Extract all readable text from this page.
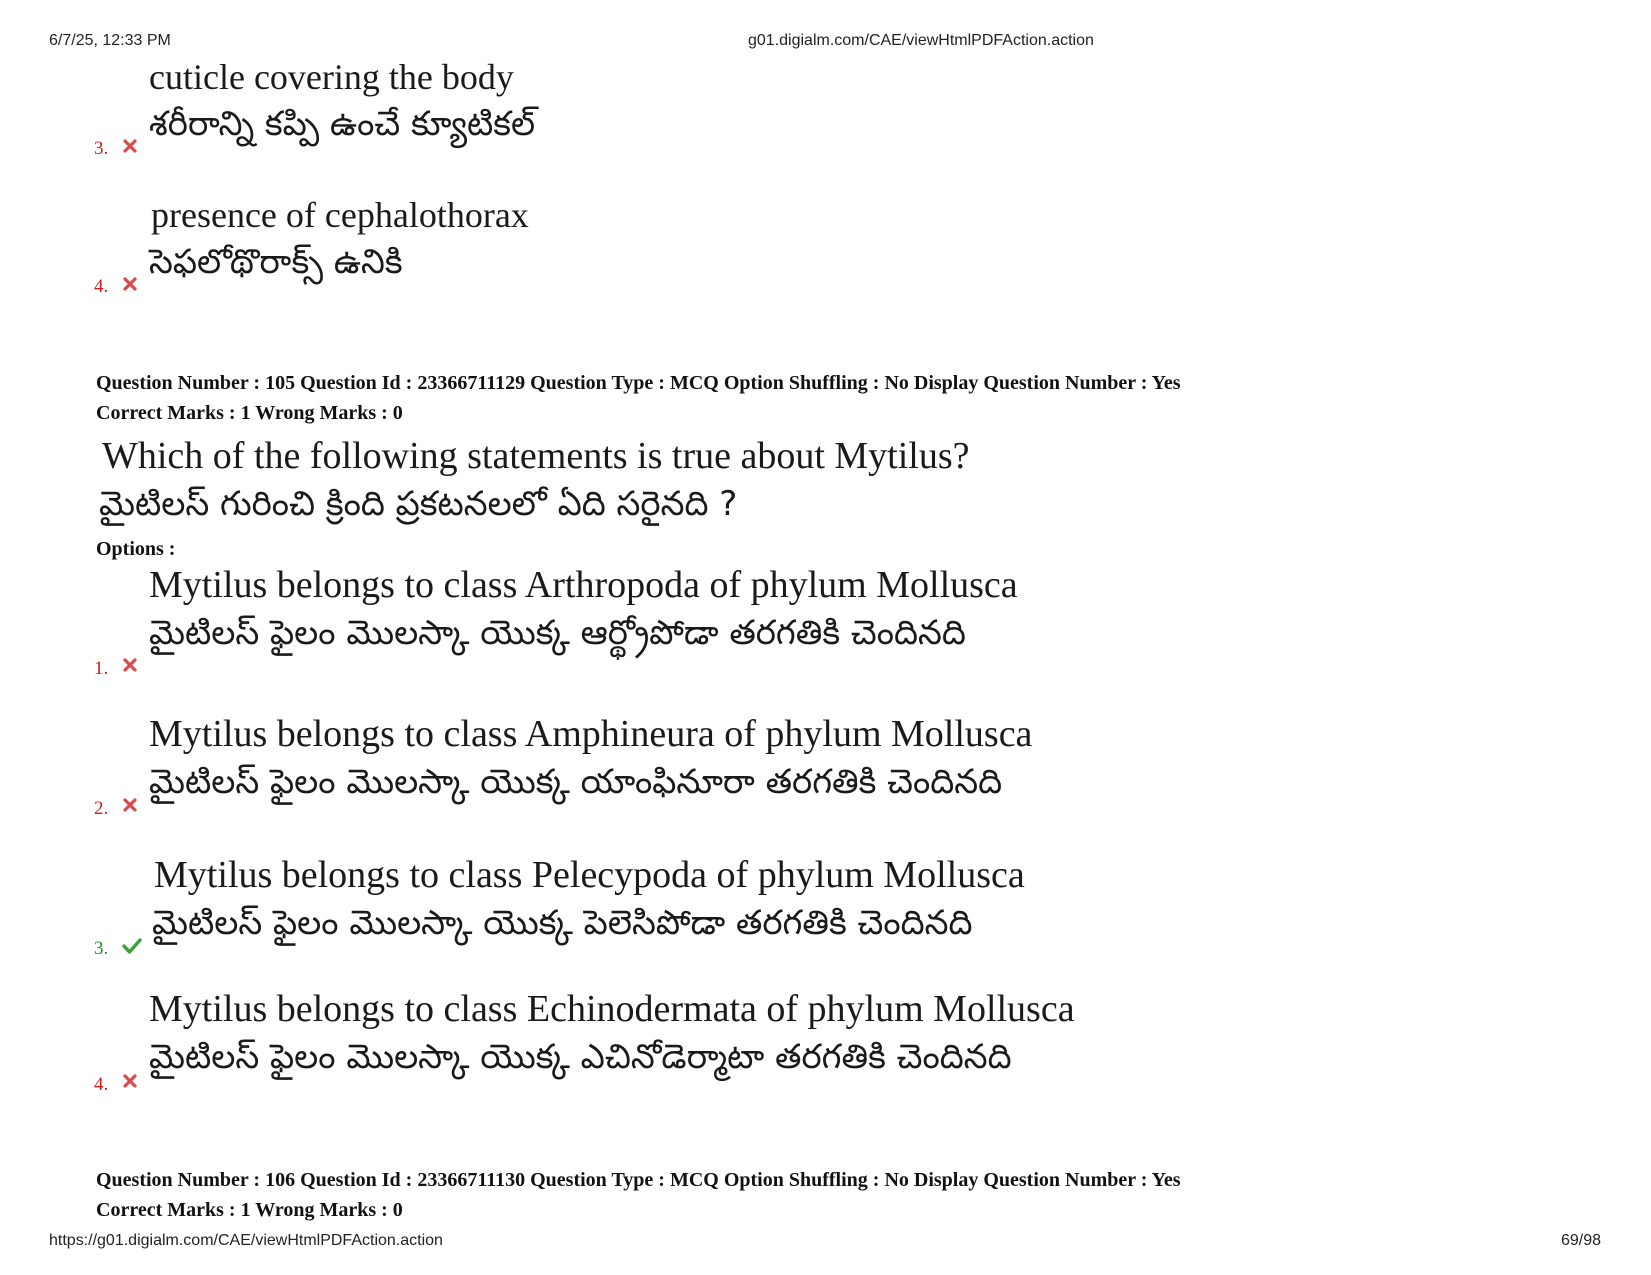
6/7/25, 12:33 PM	g01.digialm.com/CAE/viewHtmlPDFAction.action
cuticle covering the body
శరీరాన్ని కప్పి ఉంచే క్యూటికల్
3.
presence of cephalothorax
సెఫలోథొరాక్స్ ఉనికి
4.
Question Number : 105 Question Id : 23366711129 Question Type : MCQ Option Shuffling : No Display Question Number : Yes
Correct Marks : 1 Wrong Marks : 0
Which of the following statements is true about Mytilus?
మైటిలస్ గురించి క్రింది ప్రకటనలలో ఏది సరైనది ?
Options :
Mytilus belongs to class Arthropoda of phylum Mollusca
మైటిలస్ ఫైలం మొలస్కా యొక్క ఆర్థ్రోపోడా తరగతికి చెందినది
1.
Mytilus belongs to class Amphineura of phylum Mollusca
మైటిలస్ ఫైలం మొలస్కా యొక్క యాంఫినూరా తరగతికి చెందినది
2.
Mytilus belongs to class Pelecypoda of phylum Mollusca
మైటిలస్ ఫైలం మొలస్కా యొక్క పెలెసిపోడా తరగతికి చెందినది
3.
Mytilus belongs to class Echinodermata of phylum Mollusca
మైటిలస్ ఫైలం మొలస్కా యొక్క ఎచినోడెర్మాటా తరగతికి చెందినది
4.
Question Number : 106 Question Id : 23366711130 Question Type : MCQ Option Shuffling : No Display Question Number : Yes
Correct Marks : 1 Wrong Marks : 0
https://g01.digialm.com/CAE/viewHtmlPDFAction.action	69/98
